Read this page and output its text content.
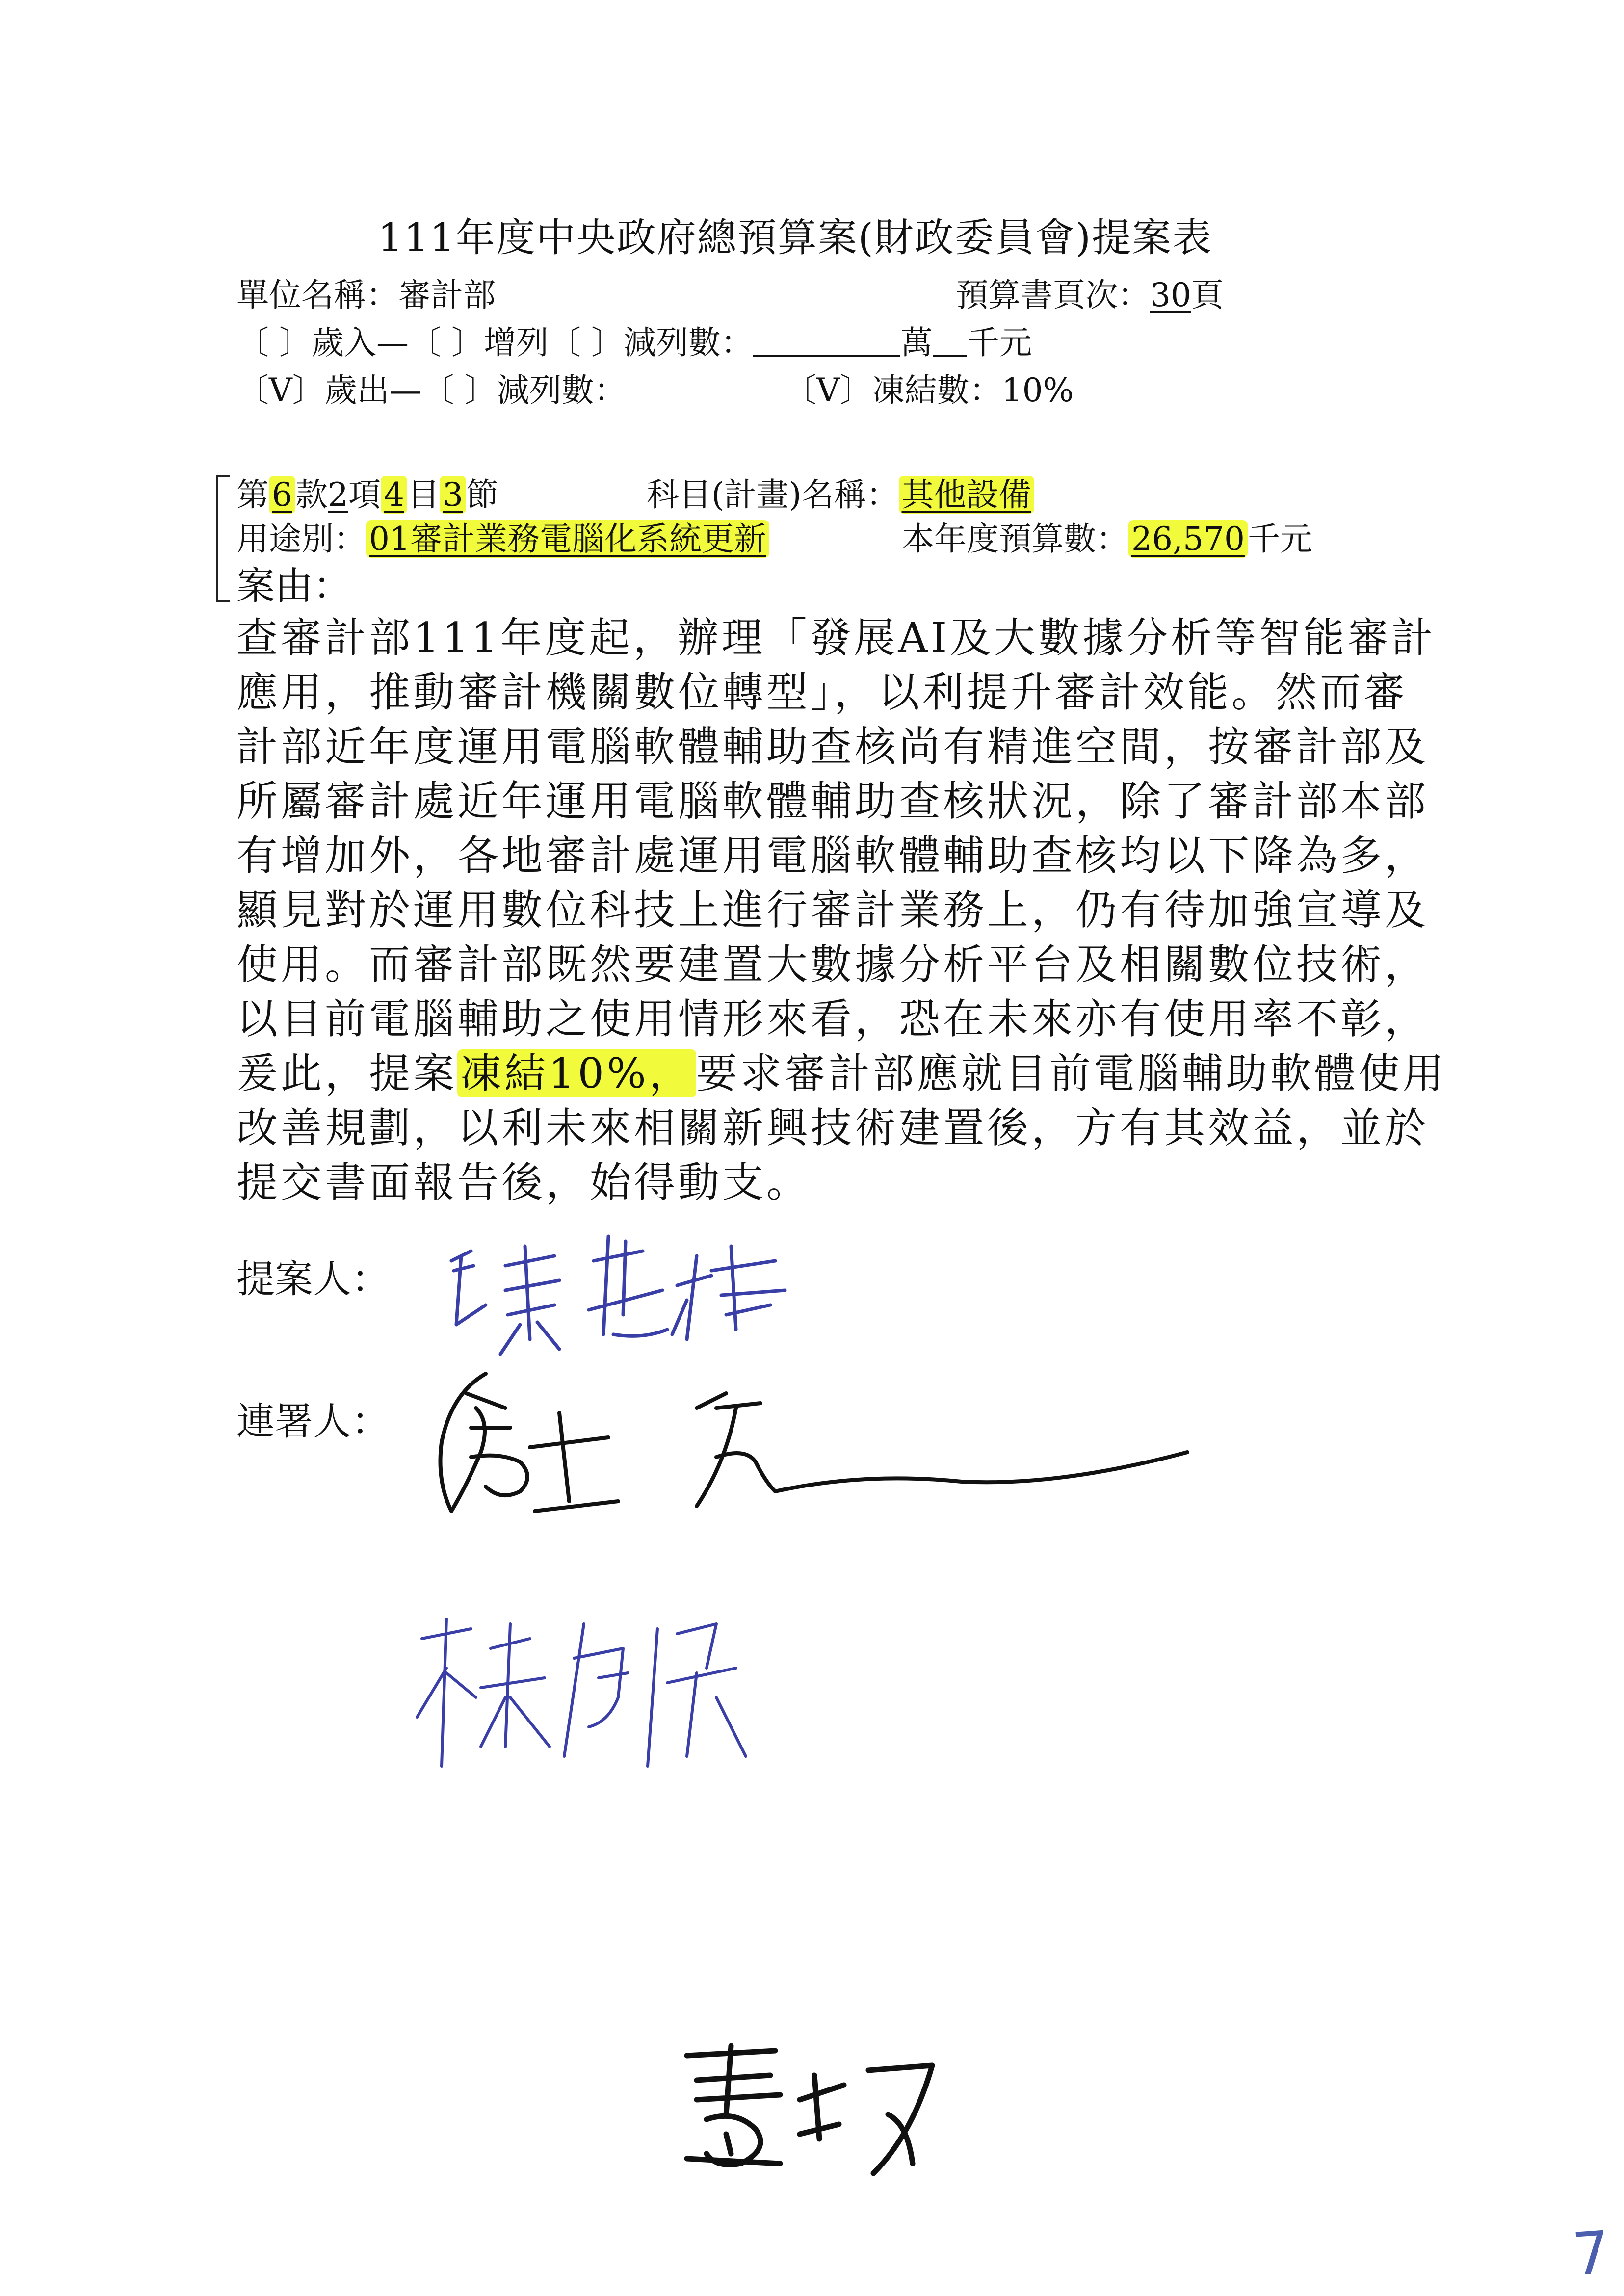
111年度中央政府總預算案(財政委員會)提案表
單位名稱：審計部	預算書頁次：30頁
〔 〕歲入—〔 〕增列〔 〕減列數：	萬 千元
〔V〕歲出—〔 〕減列數：	〔V〕凍結數：10%
第6款2項4目3節	科目(計畫)名稱：其他設備
用途別：01審計業務電腦化系統更新	本年度預算數：26,570千元
案由：
查審計部111年度起，辦理「發展AI及大數據分析等智能審計
應用，推動審計機關數位轉型」，以利提升審計效能。然而審
計部近年度運用電腦軟體輔助查核尚有精進空間，按審計部及
所屬審計處近年運用電腦軟體輔助查核狀況，除了審計部本部
有增加外，各地審計處運用電腦軟體輔助查核均以下降為多，
顯見對於運用數位科技上進行審計業務上，仍有待加強宣導及
使用。而審計部既然要建置大數據分析平台及相關數位技術，
以目前電腦輔助之使用情形來看，恐在未來亦有使用率不彰，
爰此，提案凍結10%，要求審計部應就目前電腦輔助軟體使用
改善規劃，以利未來相關新興技術建置後，方有其效益，並於
提交書面報告後，始得動支。
提案人：
連署人：
7
